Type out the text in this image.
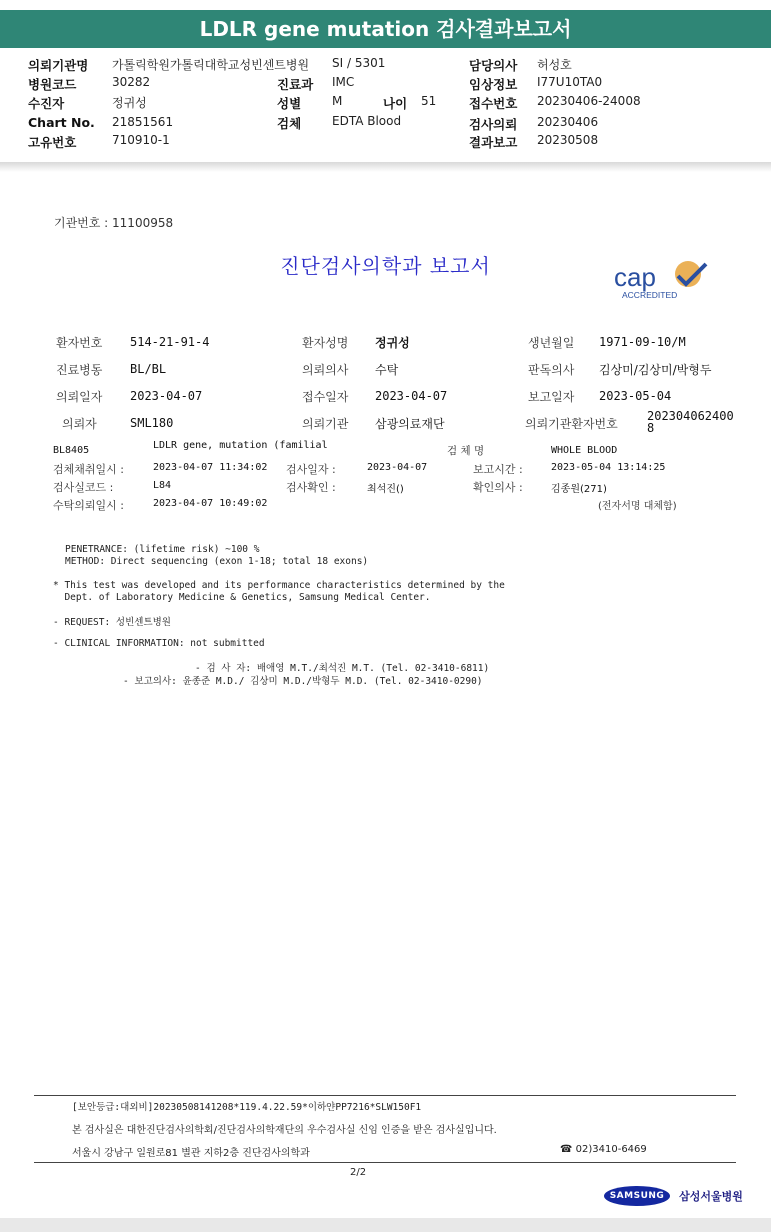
LDLR gene mutation 검사결과보고서
의뢰기관명 가톨릭학원가톨릭대학교성빈센트병원 SI / 5301	담당의사 허성호
병원코드	30282	진료과 IMC	임상정보 I77U10TA0
수진자	정귀성	성별	M	나이 51	접수번호 20230406-24008
Chart No. 21851561	검체	EDTA Blood	검사의뢰 20230406
고유번호	710910-1	결과보고 20230508
기관번호 : 11100958
진단검사의학과 보고서	cap
ACCREDITED
환자번호 514-21-91-4	환자성명 정귀성	생년월일 1971-09-10/M
진료병동 BL/BL	의뢰의사 수탁	판독의사 김상미/김상미/박형두
의뢰일자 2023-04-07	접수일자 2023-04-07	보고일자 2023-05-04
의뢰자	SML180	의뢰기관 삼광의료재단	의뢰기관환자번호
202304062400
8
BL8405	LDLR gene, mutation (familial	검 체 명	WHOLE BLOOD
검체채취일시 :	2023-04-07 11:34:02 검사일자 :	2023-04-07	보고시간 :	2023-05-04 13:14:25
검사실코드 :	L84	검사확인 :	최석진()	확인의사 :	김종원(271)
수탁의뢰일시 :	2023-04-07 10:49:02	(전자서명 대체함)
PENETRANCE: (lifetime risk) ~100 %
METHOD: Direct sequencing (exon 1-18; total 18 exons)
* This test was developed and its performance characteristics determined by the
Dept. of Laboratory Medicine & Genetics, Samsung Medical Center.
- REQUEST: 성빈센트병원
- CLINICAL INFORMATION: not submitted
- 검 사 자: 배애영 M.T./최석진 M.T. (Tel. 02-3410-6811)
- 보고의사: 윤종준 M.D./ 김상미 M.D./박형두 M.D. (Tel. 02-3410-0290)
[보안등급:대외비]20230508141208*119.4.22.59*이하얀PP7216*SLW150F1
본 검사실은 대한진단검사의학회/진단검사의학재단의 우수검사실 신임 인증을 받은 검사실입니다.
서울시 강남구 일원로81 별관 지하2층 진단검사의학과	☎ 02)3410-6469
2/2
SAMSUNG 삼성서울병원
